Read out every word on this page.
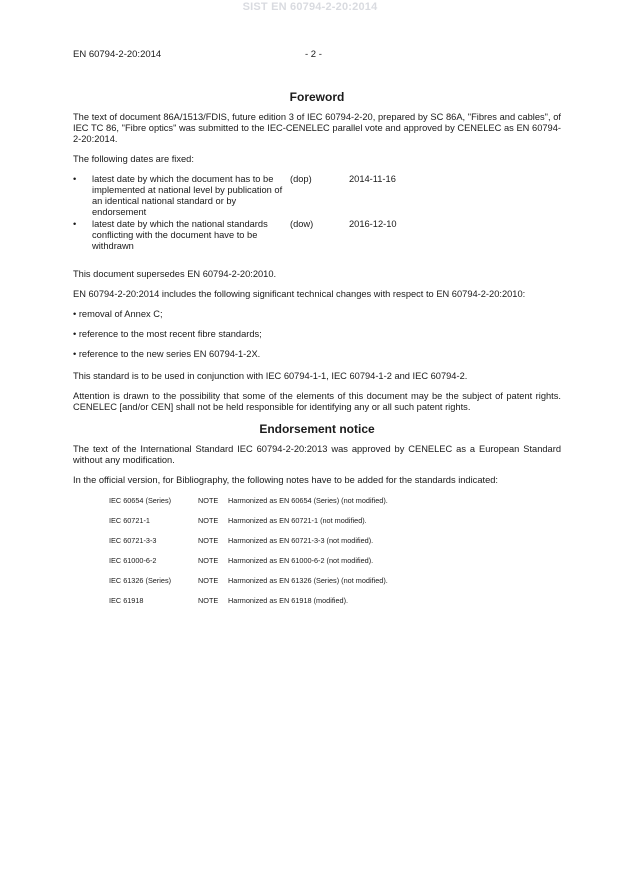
SIST EN 60794-2-20:2014
EN 60794-2-20:2014	- 2 -
Foreword

The text of document 86A/1513/FDIS, future edition 3 of IEC 60794-2-20, prepared by SC 86A, "Fibres and cables", of IEC TC 86, "Fibre optics" was submitted to the IEC-CENELEC parallel vote and approved by CENELEC as EN 60794-2-20:2014.

The following dates are fixed:

•	latest date by which the document has to be implemented at national level by publication of an identical national standard or by endorsement
(dop)	2014-11-16
•	latest date by which the national standards conflicting with the document have to be withdrawn
(dow)	2016-12-10

This document supersedes EN 60794-2-20:2010.

EN 60794-2-20:2014 includes the following significant technical changes with respect to EN 60794-2-20:2010:

• removal of Annex C;
• reference to the most recent fibre standards;
• reference to the new series EN 60794-1-2X.

This standard is to be used in conjunction with IEC 60794-1-1, IEC 60794-1-2 and IEC 60794-2.

Attention is drawn to the possibility that some of the elements of this document may be the subject of patent rights. CENELEC [and/or CEN] shall not be held responsible for identifying any or all such patent rights.

Endorsement notice

The text of the International Standard IEC 60794-2-20:2013 was approved by CENELEC as a European Standard without any modification.

In the official version, for Bibliography, the following notes have to be added for the standards indicated:

IEC 60654 (Series)	NOTE	Harmonized as EN 60654 (Series) (not modified).
IEC 60721-1	NOTE	Harmonized as EN 60721-1 (not modified).
IEC 60721-3-3	NOTE	Harmonized as EN 60721-3-3 (not modified).
IEC 61000-6-2	NOTE	Harmonized as EN 61000-6-2 (not modified).
IEC 61326 (Series)	NOTE	Harmonized as EN 61326 (Series) (not modified).
IEC 61918	NOTE	Harmonized as EN 61918 (modified).
